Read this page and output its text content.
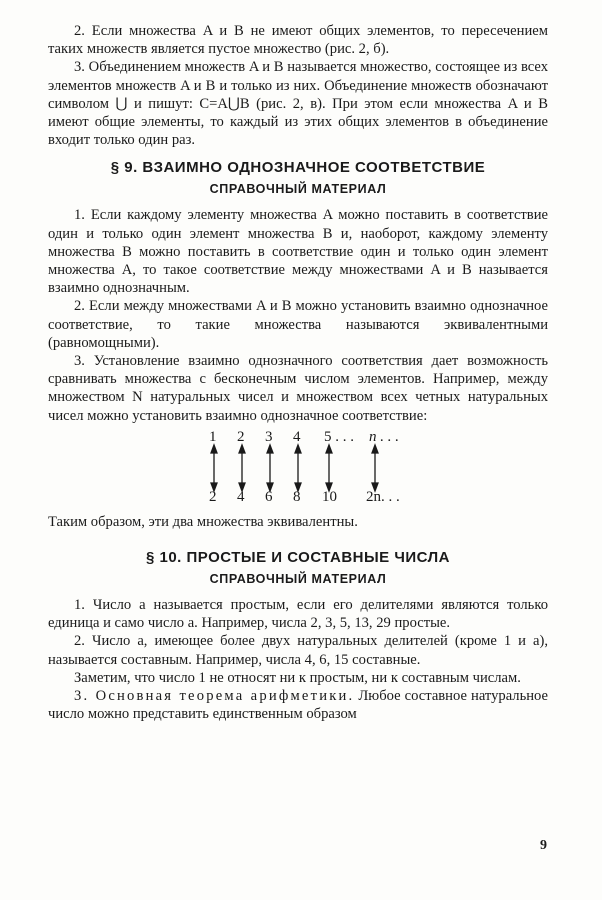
2. Если множества A и B не имеют общих элементов, то пересечением таких множеств является пустое множество (рис. 2, б).

3. Объединением множеств A и B называется множество, состоящее из всех элементов множеств A и B и только из них. Объединение множеств обозначают символом ⋃ и пишут: C=A⋃B (рис. 2, в). При этом если множества A и B имеют общие элементы, то каждый из этих общих элементов в объединение входит только один раз.

§ 9. ВЗАИМНО ОДНОЗНАЧНОЕ СООТВЕТСТВИЕ
СПРАВОЧНЫЙ МАТЕРИАЛ

1. Если каждому элементу множества A можно поставить в соответствие один и только один элемент множества B и, наоборот, каждому элементу множества B можно поставить в соответствие один и только один элемент множества A, то такое соответствие между множествами A и B называется взаимно однозначным.

2. Если между множествами A и B можно установить взаимно однозначное соответствие, то такие множества называются эквивалентными (равномощными).

3. Установление взаимно однозначного соответствия дает возможность сравнивать множества с бесконечным числом элементов. Например, между множеством N натуральных чисел и множеством всех четных натуральных чисел можно установить взаимно однозначное соответствие:

1 2 3 4 5 . . . n . . .
2 4 6 8 10 2n. . .

Таким образом, эти два множества эквивалентны.

§ 10. ПРОСТЫЕ И СОСТАВНЫЕ ЧИСЛА
СПРАВОЧНЫЙ МАТЕРИАЛ

1. Число a называется простым, если его делителями являются только единица и само число a. Например, числа 2, 3, 5, 13, 29 простые.

2. Число a, имеющее более двух натуральных делителей (кроме 1 и a), называется составным. Например, числа 4, 6, 15 составные.

Заметим, что число 1 не относят ни к простым, ни к составным числам.

3. Основная теорема арифметики. Любое составное натуральное число можно представить единственным образом

9
